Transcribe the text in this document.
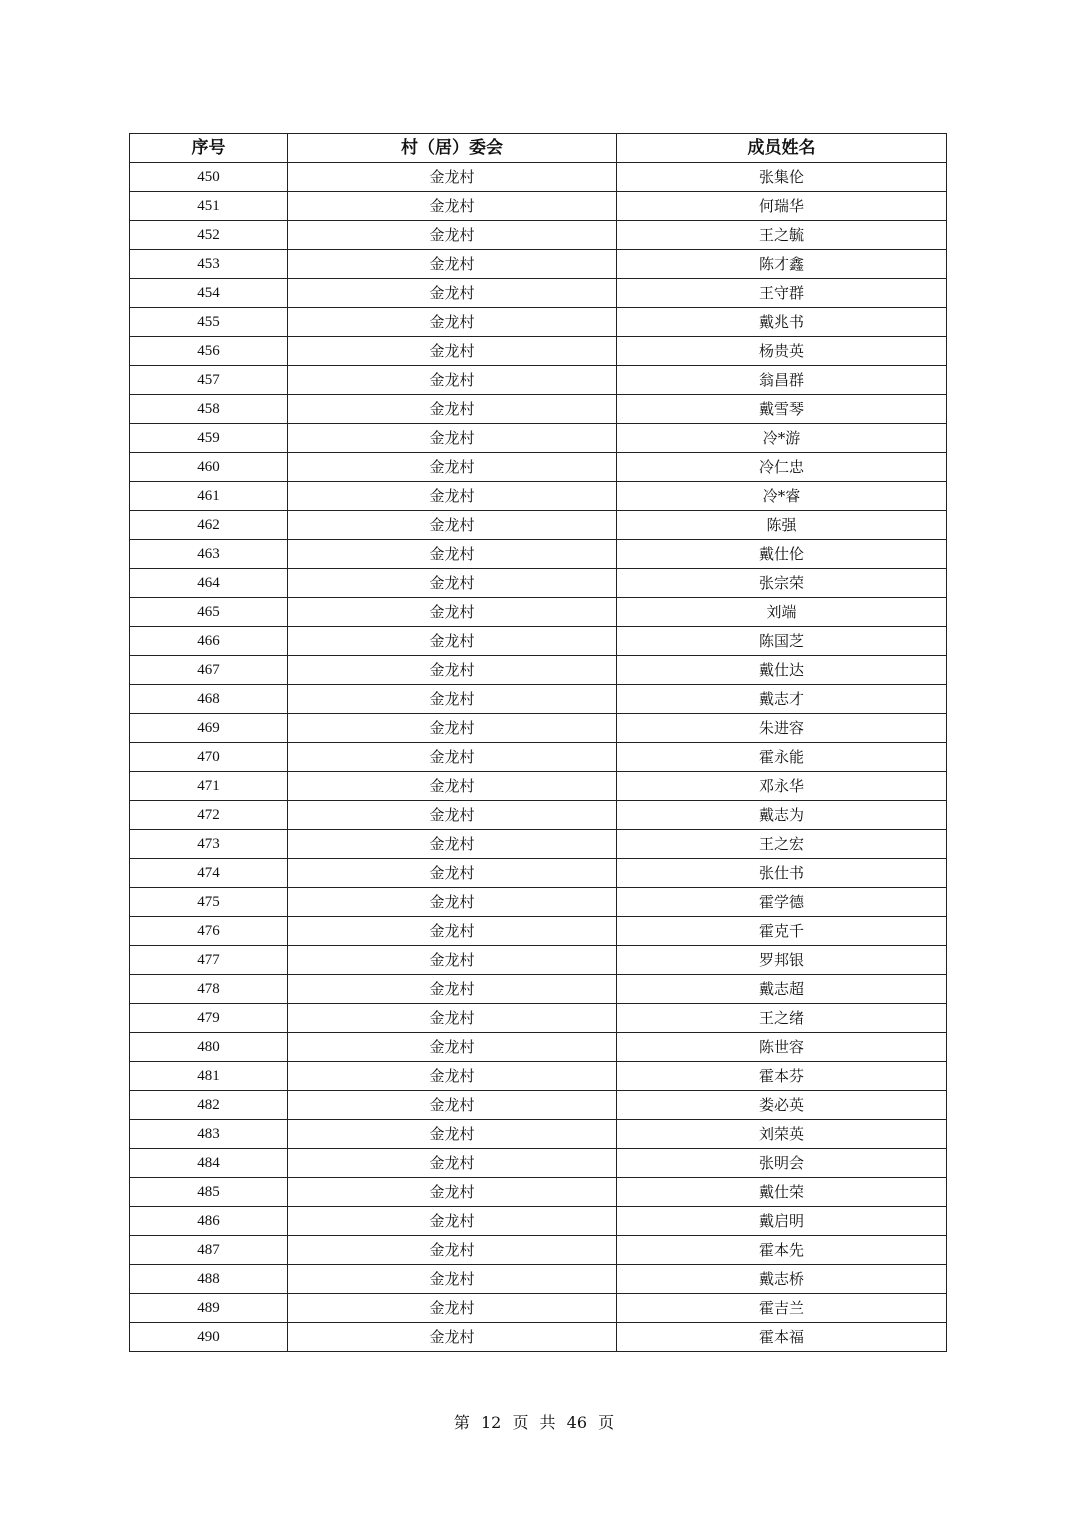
序号	村（居）委会	成员姓名
450	金龙村	张集伦
451	金龙村	何瑞华
452	金龙村	王之毓
453	金龙村	陈才鑫
454	金龙村	王守群
455	金龙村	戴兆书
456	金龙村	杨贵英
457	金龙村	翁昌群
458	金龙村	戴雪琴
459	金龙村	冷*游
460	金龙村	冷仁忠
461	金龙村	冷*睿
462	金龙村	陈强
463	金龙村	戴仕伦
464	金龙村	张宗荣
465	金龙村	刘端
466	金龙村	陈国芝
467	金龙村	戴仕达
468	金龙村	戴志才
469	金龙村	朱进容
470	金龙村	霍永能
471	金龙村	邓永华
472	金龙村	戴志为
473	金龙村	王之宏
474	金龙村	张仕书
475	金龙村	霍学德
476	金龙村	霍克千
477	金龙村	罗邦银
478	金龙村	戴志超
479	金龙村	王之绪
480	金龙村	陈世容
481	金龙村	霍本芬
482	金龙村	娄必英
483	金龙村	刘荣英
484	金龙村	张明会
485	金龙村	戴仕荣
486	金龙村	戴启明
487	金龙村	霍本先
488	金龙村	戴志桥
489	金龙村	霍吉兰
490	金龙村	霍本福
第 12 页 共 46 页
